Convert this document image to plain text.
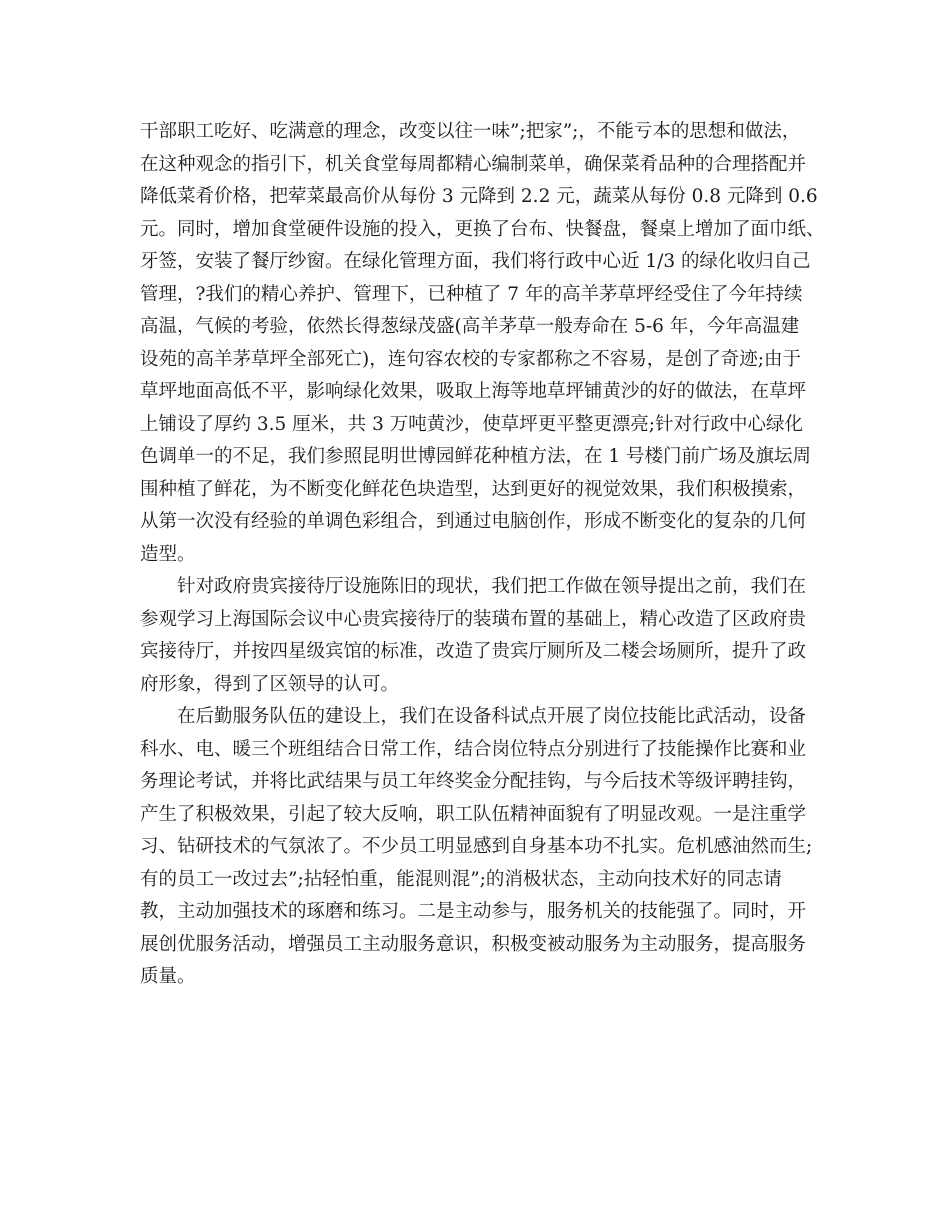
干部职工吃好、吃满意的理念，改变以往一味”;把家”;，不能亏本的思想和做法，
在这种观念的指引下，机关食堂每周都精心编制菜单，确保菜肴品种的合理搭配并
降低菜肴价格，把荤菜最高价从每份 3 元降到 2.2 元，蔬菜从每份 0.8 元降到 0.6
元。同时，增加食堂硬件设施的投入，更换了台布、快餐盘，餐桌上增加了面巾纸、
牙签，安装了餐厅纱窗。在绿化管理方面，我们将行政中心近 1/3 的绿化收归自己
管理，?我们的精心养护、管理下，已种植了 7 年的高羊茅草坪经受住了今年持续
高温，气候的考验，依然长得葱绿茂盛(高羊茅草一般寿命在 5-6 年，今年高温建
设苑的高羊茅草坪全部死亡)，连句容农校的专家都称之不容易，是创了奇迹;由于
草坪地面高低不平，影响绿化效果，吸取上海等地草坪铺黄沙的好的做法，在草坪
上铺设了厚约 3.5 厘米，共 3 万吨黄沙，使草坪更平整更漂亮;针对行政中心绿化
色调单一的不足，我们参照昆明世博园鲜花种植方法，在 1 号楼门前广场及旗坛周
围种植了鲜花，为不断变化鲜花色块造型，达到更好的视觉效果，我们积极摸索，
从第一次没有经验的单调色彩组合，到通过电脑创作，形成不断变化的复杂的几何
造型。
针对政府贵宾接待厅设施陈旧的现状，我们把工作做在领导提出之前，我们在
参观学习上海国际会议中心贵宾接待厅的装璜布置的基础上，精心改造了区政府贵
宾接待厅，并按四星级宾馆的标准，改造了贵宾厅厕所及二楼会场厕所，提升了政
府形象，得到了区领导的认可。
在后勤服务队伍的建设上，我们在设备科试点开展了岗位技能比武活动，设备
科水、电、暖三个班组结合日常工作，结合岗位特点分别进行了技能操作比赛和业
务理论考试，并将比武结果与员工年终奖金分配挂钩，与今后技术等级评聘挂钩，
产生了积极效果，引起了较大反响，职工队伍精神面貌有了明显改观。一是注重学
习、钻研技术的气氛浓了。不少员工明显感到自身基本功不扎实。危机感油然而生;
有的员工一改过去”;拈轻怕重，能混则混”;的消极状态，主动向技术好的同志请
教，主动加强技术的琢磨和练习。二是主动参与，服务机关的技能强了。同时，开
展创优服务活动，增强员工主动服务意识，积极变被动服务为主动服务，提高服务
质量。
